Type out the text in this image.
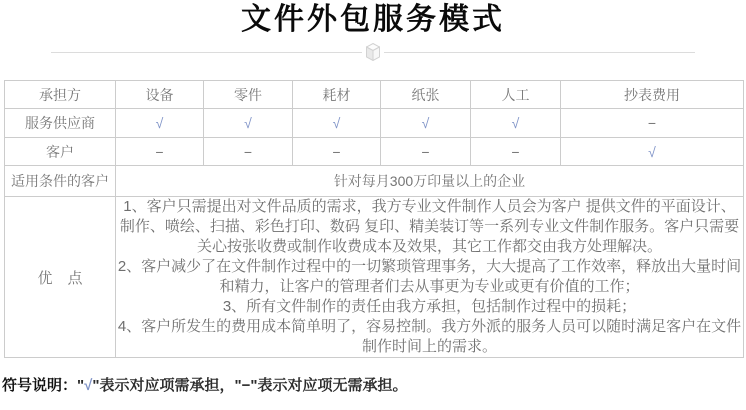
文件外包服务模式
承担方	设备	零件	耗材	纸张	人工	抄表费用
服务供应商	√	√	√	√	√	−
客户	−	−	−	−	−	√
适用条件的客户	针对每月300万印量以上的企业					
优　点	1、客户只需提出对文件品质的需求，我方专业文件制作人员会为客户 提供文件的平面设计、制作、喷绘、扫描、彩色打印、数码 复印、精美装订等一系列专业文件制作服务。客户只需要关心按张收费或制作收费成本及效果，其它工作都交由我方处理解决。
2、客户减少了在文件制作过程中的一切繁琐管理事务，大大提高了工作效率，释放出大量时间和精力，让客户的管理者们去从事更为专业或更有价值的工作；
3、所有文件制作的责任由我方承担，包括制作过程中的损耗；
4、客户所发生的费用成本简单明了，容易控制。我方外派的服务人员可以随时满足客户在文件制作时间上的需求。					

符号说明："√"表示对应项需承担，"−"表示对应项无需承担。
